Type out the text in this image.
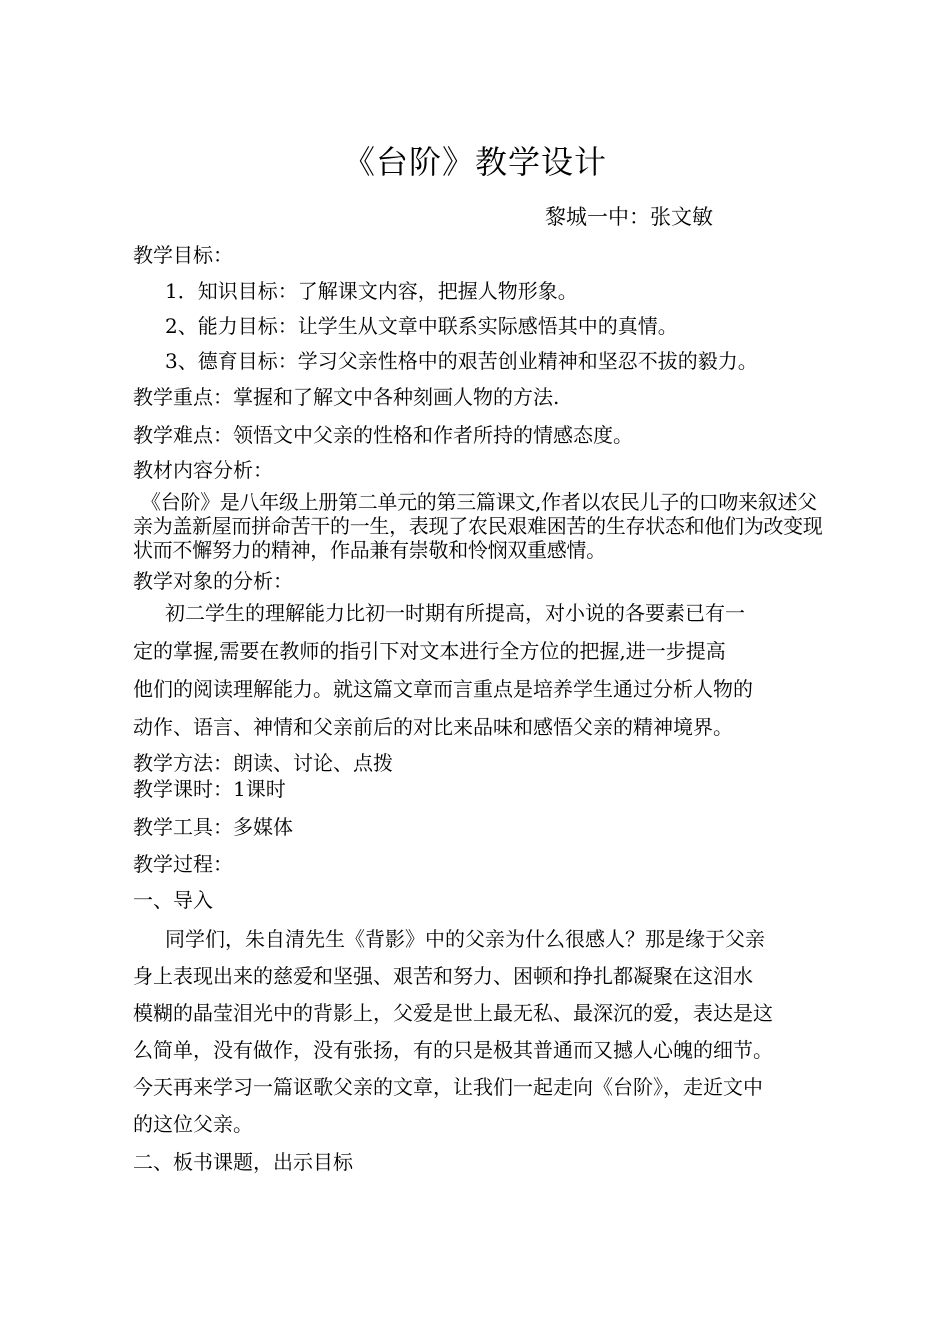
《台阶》教学设计
黎城一中：张文敏
教学目标：
1．知识目标：了解课文内容，把握人物形象。
2、能力目标：让学生从文章中联系实际感悟其中的真情。
3、德育目标：学习父亲性格中的艰苦创业精神和坚忍不拔的毅力。
教学重点：掌握和了解文中各种刻画人物的方法.
教学难点：领悟文中父亲的性格和作者所持的情感态度。
教材内容分析：
《台阶》是八年级上册第二单元的第三篇课文,作者以农民儿子的口吻来叙述父亲为盖新屋而拼命苦干的一生，表现了农民艰难困苦的生存状态和他们为改变现状而不懈努力的精神，作品兼有崇敬和怜悯双重感情。
教学对象的分析：
初二学生的理解能力比初一时期有所提高，对小说的各要素已有一
定的掌握,需要在教师的指引下对文本进行全方位的把握,进一步提高
他们的阅读理解能力。就这篇文章而言重点是培养学生通过分析人物的
动作、语言、神情和父亲前后的对比来品味和感悟父亲的精神境界。
教学方法：朗读、讨论、点拨
教学课时：1课时
教学工具：多媒体
教学过程：
一、导入
同学们，朱自清先生《背影》中的父亲为什么很感人？那是缘于父亲
身上表现出来的慈爱和坚强、艰苦和努力、困顿和挣扎都凝聚在这泪水
模糊的晶莹泪光中的背影上，父爱是世上最无私、最深沉的爱，表达是这
么简单，没有做作，没有张扬，有的只是极其普通而又撼人心魄的细节。
今天再来学习一篇讴歌父亲的文章，让我们一起走向《台阶》，走近文中
的这位父亲。
二、板书课题，出示目标
